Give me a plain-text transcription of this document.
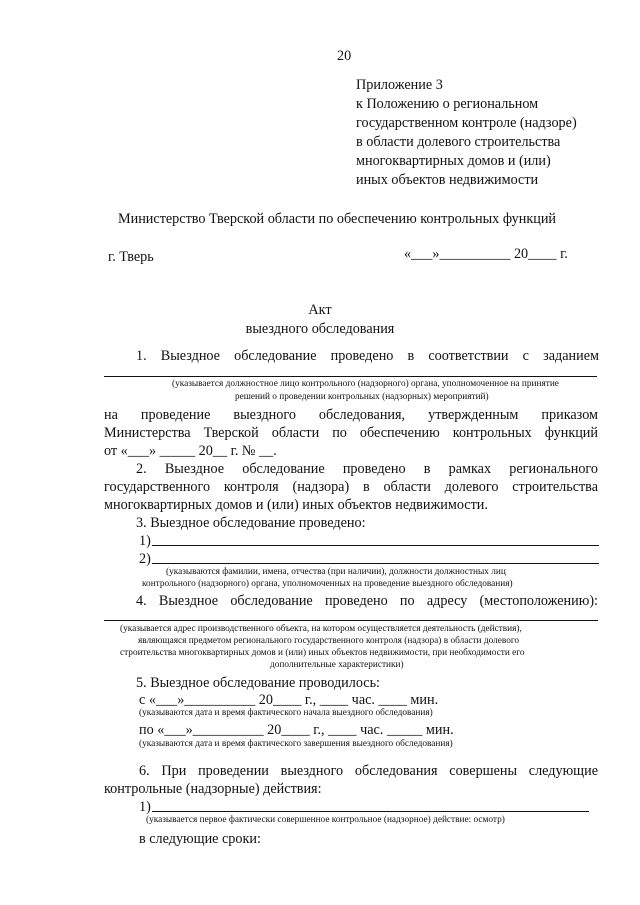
20
Приложение 3
к Положению о региональном
государственном контроле (надзоре)
в области долевого строительства
многоквартирных домов и (или)
иных объектов недвижимости
Министерство Тверской области по обеспечению контрольных функций
г. Тверь	«___»__________ 20____ г.
Акт
выездного обследования
1. Выездное обследование проведено в соответствии с заданием
(указывается должностное лицо контрольного (надзорного) органа, уполномоченное на принятие
решений о проведении контрольных (надзорных) мероприятий)
на проведение выездного обследования, утвержденным приказом
Министерства Тверской области по обеспечению контрольных функций
от «___» _____ 20__ г. № __.
2. Выездное обследование проведено в рамках регионального
государственного контроля (надзора) в области долевого строительства
многоквартирных домов и (или) иных объектов недвижимости.
3. Выездное обследование проведено:
1)
2)
(указываются фамилии, имена, отчества (при наличии), должности должностных лиц
контрольного (надзорного) органа, уполномоченных на проведение выездного обследования)
4. Выездное обследование проведено по адресу (местоположению):
(указывается адрес производственного объекта, на котором осуществляется деятельность (действия),
являющаяся предметом регионального государственного контроля (надзора) в области долевого
строительства многоквартирных домов и (или) иных объектов недвижимости, при необходимости его
дополнительные характеристики)
5. Выездное обследование проводилось:
с «___»__________ 20____ г., ____ час. ____ мин.
(указываются дата и время фактического начала выездного обследования)
по «___»__________ 20____ г., ____ час. _____ мин.
(указываются дата и время фактического завершения выездного обследования)
6. При проведении выездного обследования совершены следующие
контрольные (надзорные) действия:
1)
(указывается первое фактически совершенное контрольное (надзорное) действие: осмотр)
в следующие сроки:
